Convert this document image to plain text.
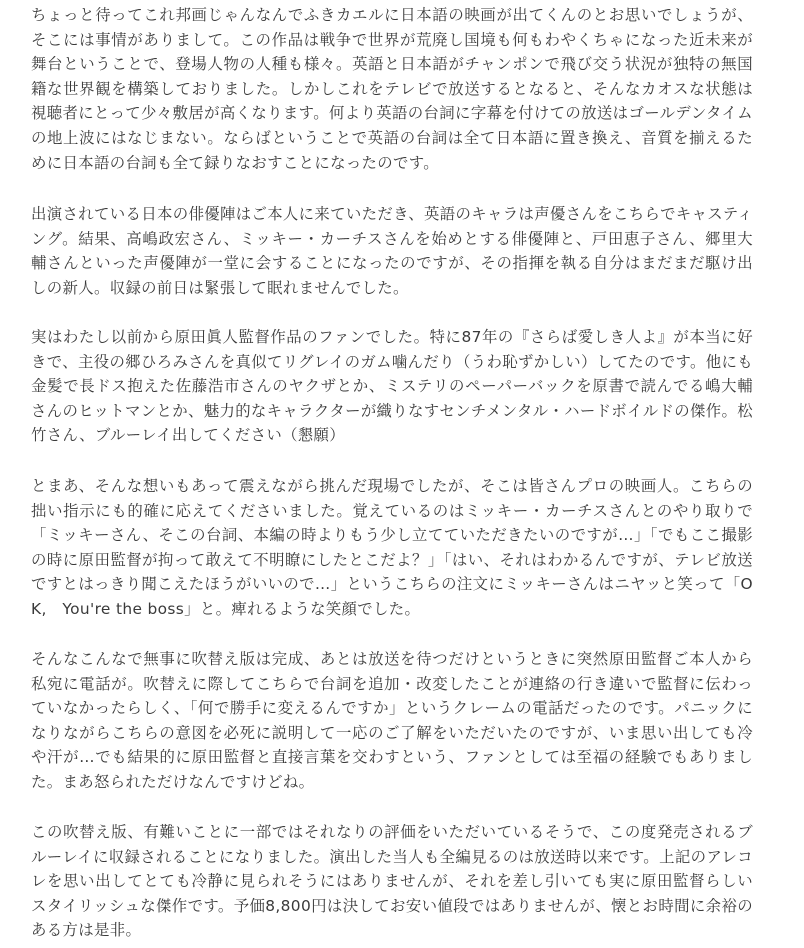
ちょっと待ってこれ邦画じゃんなんでふきカエルに日本語の映画が出てくんのとお思いでしょうが、そこには事情がありまして。この作品は戦争で世界が荒廃し国境も何もわやくちゃになった近未来が舞台ということで、登場人物の人種も様々。英語と日本語がチャンポンで飛び交う状況が独特の無国籍な世界観を構築しておりました。しかしこれをテレビで放送するとなると、そんなカオスな状態は視聴者にとって少々敷居が高くなります。何より英語の台詞に字幕を付けての放送はゴールデンタイムの地上波にはなじまない。ならばということで英語の台詞は全て日本語に置き換え、音質を揃えるために日本語の台詞も全て録りなおすことになったのです。

出演されている日本の俳優陣はご本人に来ていただき、英語のキャラは声優さんをこちらでキャスティング。結果、高嶋政宏さん、ミッキー・カーチスさんを始めとする俳優陣と、戸田恵子さん、郷里大輔さんといった声優陣が一堂に会することになったのですが、その指揮を執る自分はまだまだ駆け出しの新人。収録の前日は緊張して眠れませんでした。

実はわたし以前から原田眞人監督作品のファンでした。特に87年の『さらば愛しき人よ』が本当に好きで、主役の郷ひろみさんを真似てリグレイのガム噛んだり（うわ恥ずかしい）してたのです。他にも金髪で長ドス抱えた佐藤浩市さんのヤクザとか、ミステリのペーパーバックを原書で読んでる嶋大輔さんのヒットマンとか、魅力的なキャラクターが織りなすセンチメンタル・ハードボイルドの傑作。松竹さん、ブルーレイ出してください（懇願）

とまあ、そんな想いもあって震えながら挑んだ現場でしたが、そこは皆さんプロの映画人。こちらの拙い指示にも的確に応えてくださいました。覚えているのはミッキー・カーチスさんとのやり取りで「ミッキーさん、そこの台詞、本編の時よりもう少し立てていただきたいのですが…」「でもここ撮影の時に原田監督が拘って敢えて不明瞭にしたとこだよ？」「はい、それはわかるんですが、テレビ放送ですとはっきり聞こえたほうがいいので…」というこちらの注文にミッキーさんはニヤッと笑って「OK,　You're the boss」と。痺れるような笑顔でした。

そんなこんなで無事に吹替え版は完成、あとは放送を待つだけというときに突然原田監督ご本人から私宛に電話が。吹替えに際してこちらで台詞を追加・改変したことが連絡の行き違いで監督に伝わっていなかったらしく、「何で勝手に変えるんですか」というクレームの電話だったのです。パニックになりながらこちらの意図を必死に説明して一応のご了解をいただいたのですが、いま思い出しても冷や汗が…でも結果的に原田監督と直接言葉を交わすという、ファンとしては至福の経験でもありました。まあ怒られただけなんですけどね。

この吹替え版、有難いことに一部ではそれなりの評価をいただいているそうで、この度発売されるブルーレイに収録されることになりました。演出した当人も全編見るのは放送時以来です。上記のアレコレを思い出してとても冷静に見られそうにはありませんが、それを差し引いても実に原田監督らしいスタイリッシュな傑作です。予価8,800円は決してお安い値段ではありませんが、懐とお時間に余裕のある方は是非。
